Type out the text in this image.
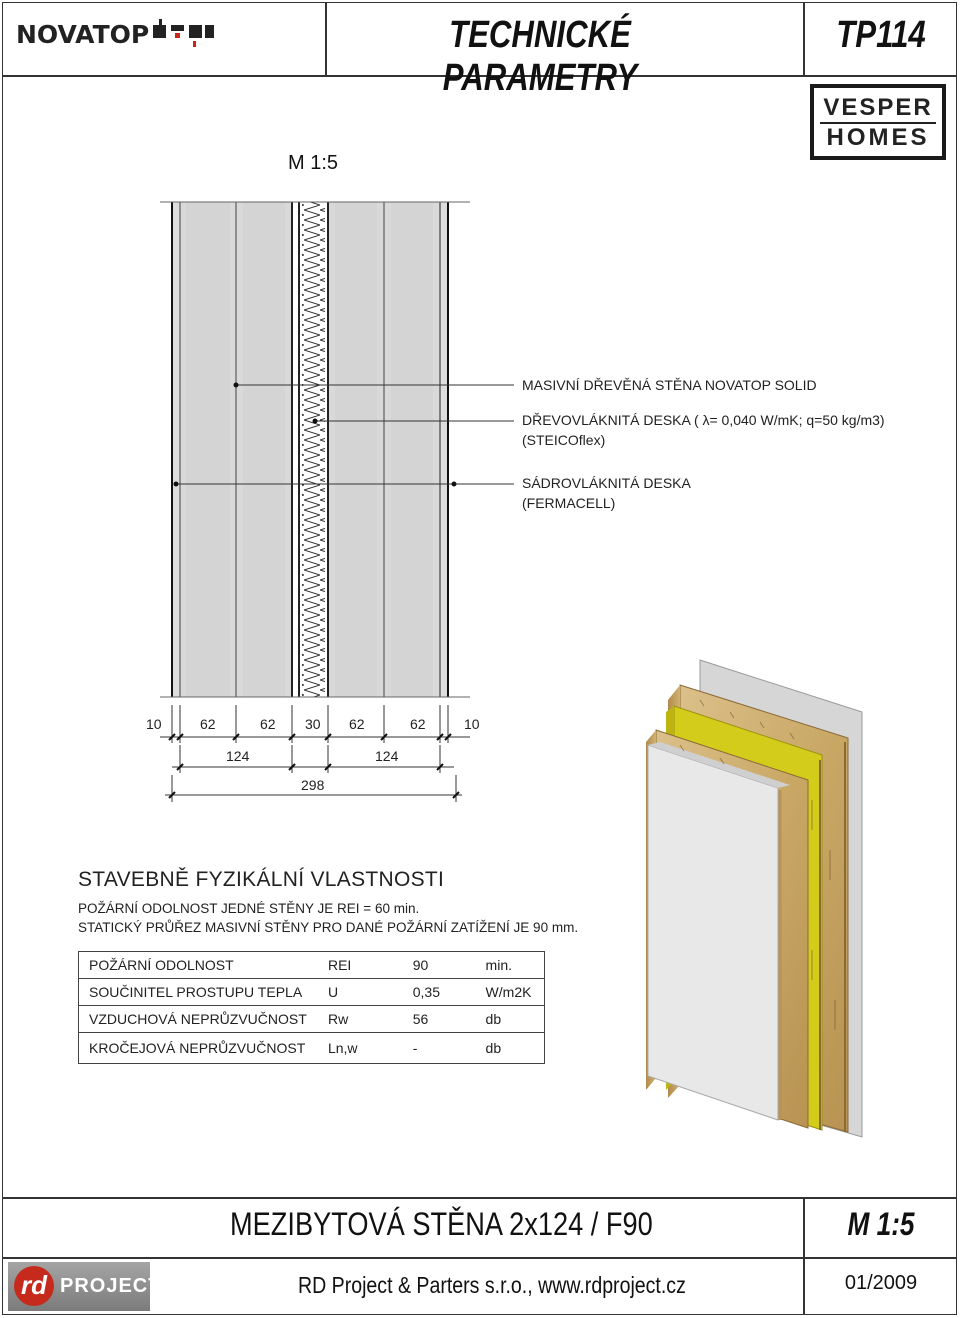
NOVATOP	TECHNICKÉ PARAMETRY
TP114
VESPER
HOMES
M 1:5
MASIVNÍ DŘEVĚNÁ STĚNA NOVATOP SOLID
DŘEVOVLÁKNITÁ DESKA ( λ= 0,040 W/mK; q=50 kg/m3)
(STEICOflex)
SÁDROVLÁKNITÁ DESKA
(FERMACELL)
10	62	62 30 62	62	10
124	124
298
STAVEBNĚ FYZIKÁLNÍ VLASTNOSTI
POŽÁRNÍ ODOLNOST JEDNÉ STĚNY JE REI = 60 min.
STATICKÝ PRŮŘEZ MASIVNÍ STĚNY PRO DANÉ POŽÁRNÍ ZATÍŽENÍ JE 90 mm.
POŽÁRNÍ ODOLNOST	REI	90	min.
SOUČINITEL PROSTUPU TEPLA	U	0,35	W/m2K
VZDUCHOVÁ NEPRŮZVUČNOST	Rw	56	db
KROČEJOVÁ NEPRŮZVUČNOST	Ln,w	-	db
MEZIBYTOVÁ STĚNA 2x124 / F90	M 1:5
rd PROJECT	RD Project & Parters s.r.o., www.rdproject.cz	01/2009
